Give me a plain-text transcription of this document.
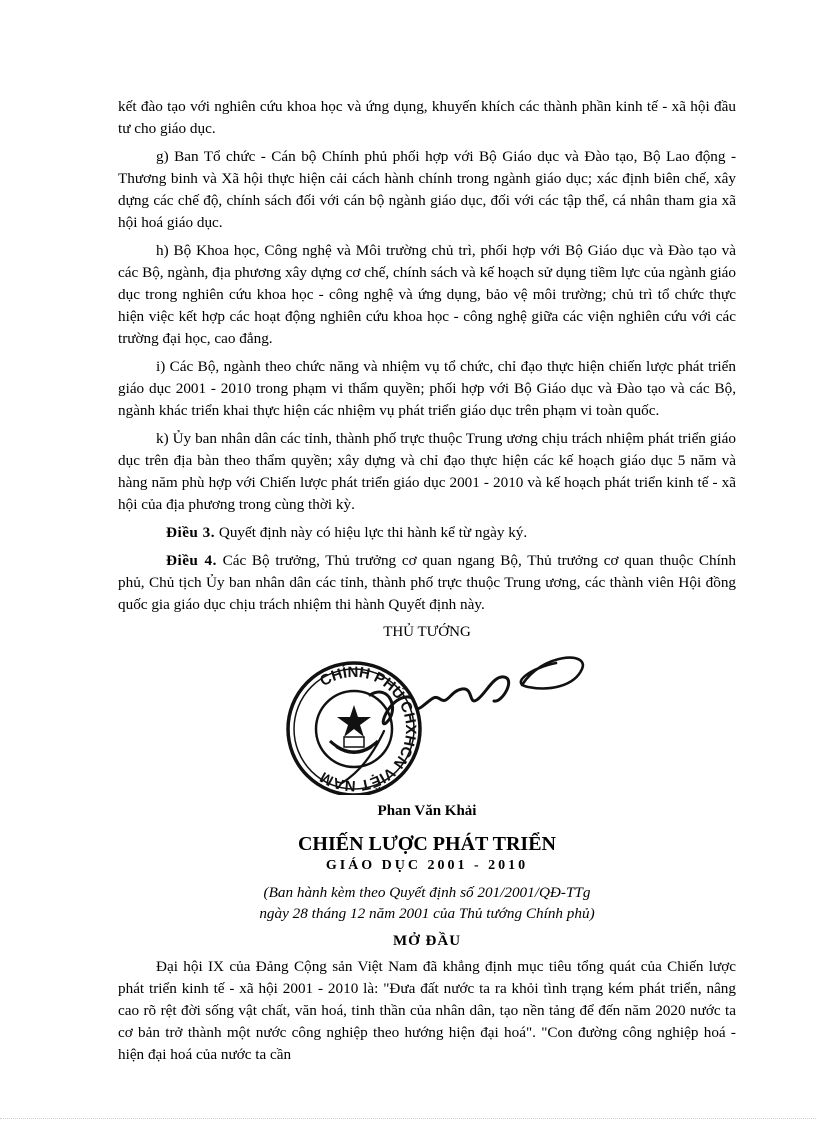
kết đào tạo với nghiên cứu khoa học và ứng dụng, khuyến khích các thành phần kinh tế - xã hội đầu tư cho giáo dục.

g) Ban Tổ chức - Cán bộ Chính phủ phối hợp với Bộ Giáo dục và Đào tạo, Bộ Lao động - Thương binh và Xã hội thực hiện cải cách hành chính trong ngành giáo dục; xác định biên chế, xây dựng các chế độ, chính sách đối với cán bộ ngành giáo dục, đối với các tập thể, cá nhân tham gia xã hội hoá giáo dục.

h) Bộ Khoa học, Công nghệ và Môi trường chủ trì, phối hợp với Bộ Giáo dục và Đào tạo và các Bộ, ngành, địa phương xây dựng cơ chế, chính sách và kế hoạch sử dụng tiềm lực của ngành giáo dục trong nghiên cứu khoa học - công nghệ và ứng dụng, bảo vệ môi trường; chủ trì tổ chức thực hiện việc kết hợp các hoạt động nghiên cứu khoa học - công nghệ giữa các viện nghiên cứu với các trường đại học, cao đẳng.

i) Các Bộ, ngành theo chức năng và nhiệm vụ tổ chức, chỉ đạo thực hiện chiến lược phát triển giáo dục 2001 - 2010 trong phạm vi thẩm quyền; phối hợp với Bộ Giáo dục và Đào tạo và các Bộ, ngành khác triển khai thực hiện các nhiệm vụ phát triển giáo dục trên phạm vi toàn quốc.

k) Ủy ban nhân dân các tỉnh, thành phố trực thuộc Trung ương chịu trách nhiệm phát triển giáo dục trên địa bàn theo thẩm quyền; xây dựng và chỉ đạo thực hiện các kế hoạch giáo dục 5 năm và hàng năm phù hợp với Chiến lược phát triển giáo dục 2001 - 2010 và kế hoạch phát triển kinh tế - xã hội của địa phương trong cùng thời kỳ.

Điều 3. Quyết định này có hiệu lực thi hành kể từ ngày ký.

Điều 4. Các Bộ trưởng, Thủ trưởng cơ quan ngang Bộ, Thủ trưởng cơ quan thuộc Chính phủ, Chủ tịch Ủy ban nhân dân các tỉnh, thành phố trực thuộc Trung ương, các thành viên Hội đồng quốc gia giáo dục chịu trách nhiệm thi hành Quyết định này.

THỦ TƯỚNG
CHÍNH PHỦ CHXHCN VIỆT NAM
Phan Văn Khải
CHIẾN LƯỢC PHÁT TRIỂN
GIÁO DỤC 2001 - 2010
(Ban hành kèm theo Quyết định số 201/2001/QĐ-TTg
ngày 28 tháng 12 năm 2001 của Thủ tướng Chính phủ)
MỞ ĐẦU

Đại hội IX của Đảng Cộng sản Việt Nam đã khẳng định mục tiêu tổng quát của Chiến lược phát triển kinh tế - xã hội 2001 - 2010 là: "Đưa đất nước ta ra khỏi tình trạng kém phát triển, nâng cao rõ rệt đời sống vật chất, văn hoá, tinh thần của nhân dân, tạo nền tảng để đến năm 2020 nước ta cơ bản trở thành một nước công nghiệp theo hướng hiện đại hoá". "Con đường công nghiệp hoá - hiện đại hoá của nước ta cần
